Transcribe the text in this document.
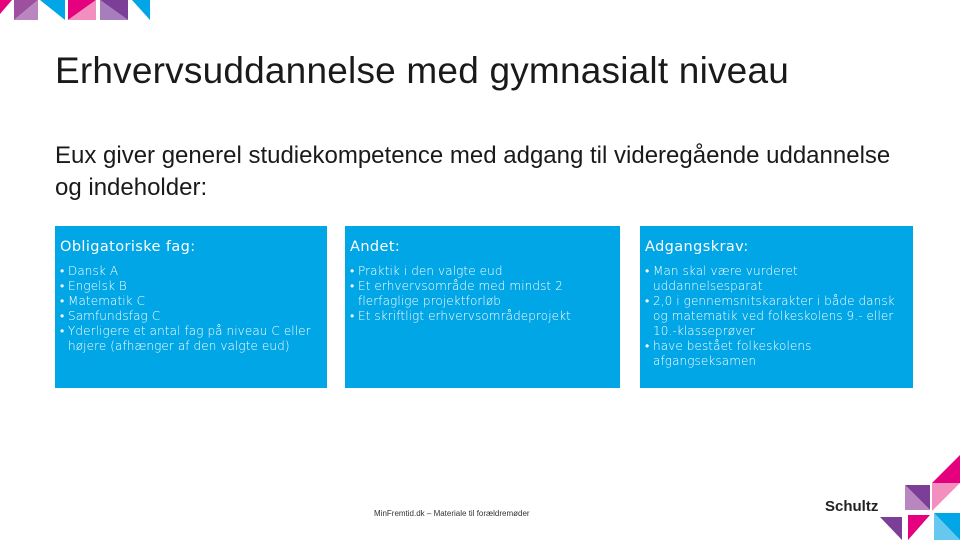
Erhvervsuddannelse med gymnasialt niveau

Eux giver generel studiekompetence med adgang til videregående uddannelse og indeholder:

Obligatoriske fag:
• Dansk A
• Engelsk B
• Matematik C
• Samfundsfag C
• Yderligere et antal fag på niveau C eller højere (afhænger af den valgte eud)
Andet:
• Praktik i den valgte eud
• Et erhvervsområde med mindst 2 flerfaglige projektforløb
• Et skriftligt erhvervsområdeprojekt
Adgangskrav:
• Man skal være vurderet uddannelsesparat
• 2,0 i gennemsnitskarakter i både dansk og matematik ved folkeskolens 9.- eller 10.-klasseprøver
• have bestået folkeskolens afgangseksamen
MinFremtid.dk – Materiale til forældremøder	Schultz
